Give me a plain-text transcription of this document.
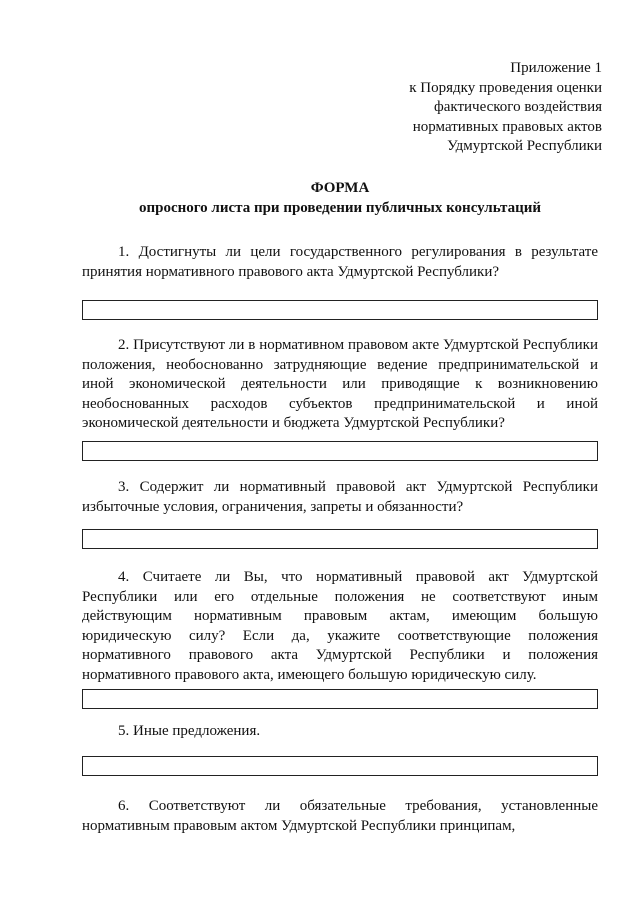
Приложение 1
к Порядку проведения оценки
фактического воздействия
нормативных правовых актов
Удмуртской Республики
ФОРМА
опросного листа при проведении публичных консультаций
1. Достигнуты ли цели государственного регулирования в результате принятия нормативного правового акта Удмуртской Республики?
2. Присутствуют ли в нормативном правовом акте Удмуртской Республики положения, необоснованно затрудняющие ведение предпринимательской и иной экономической деятельности или приводящие к возникновению необоснованных расходов субъектов предпринимательской и иной экономической деятельности и бюджета Удмуртской Республики?
3. Содержит ли нормативный правовой акт Удмуртской Республики избыточные условия, ограничения, запреты и обязанности?
4. Считаете ли Вы, что нормативный правовой акт Удмуртской Республики или его отдельные положения не соответствуют иным действующим нормативным правовым актам, имеющим большую юридическую силу? Если да, укажите соответствующие положения нормативного правового акта Удмуртской Республики и положения нормативного правового акта, имеющего большую юридическую силу.
5. Иные предложения.
6. Соответствуют ли обязательные требования, установленные нормативным правовым актом Удмуртской Республики принципам,
